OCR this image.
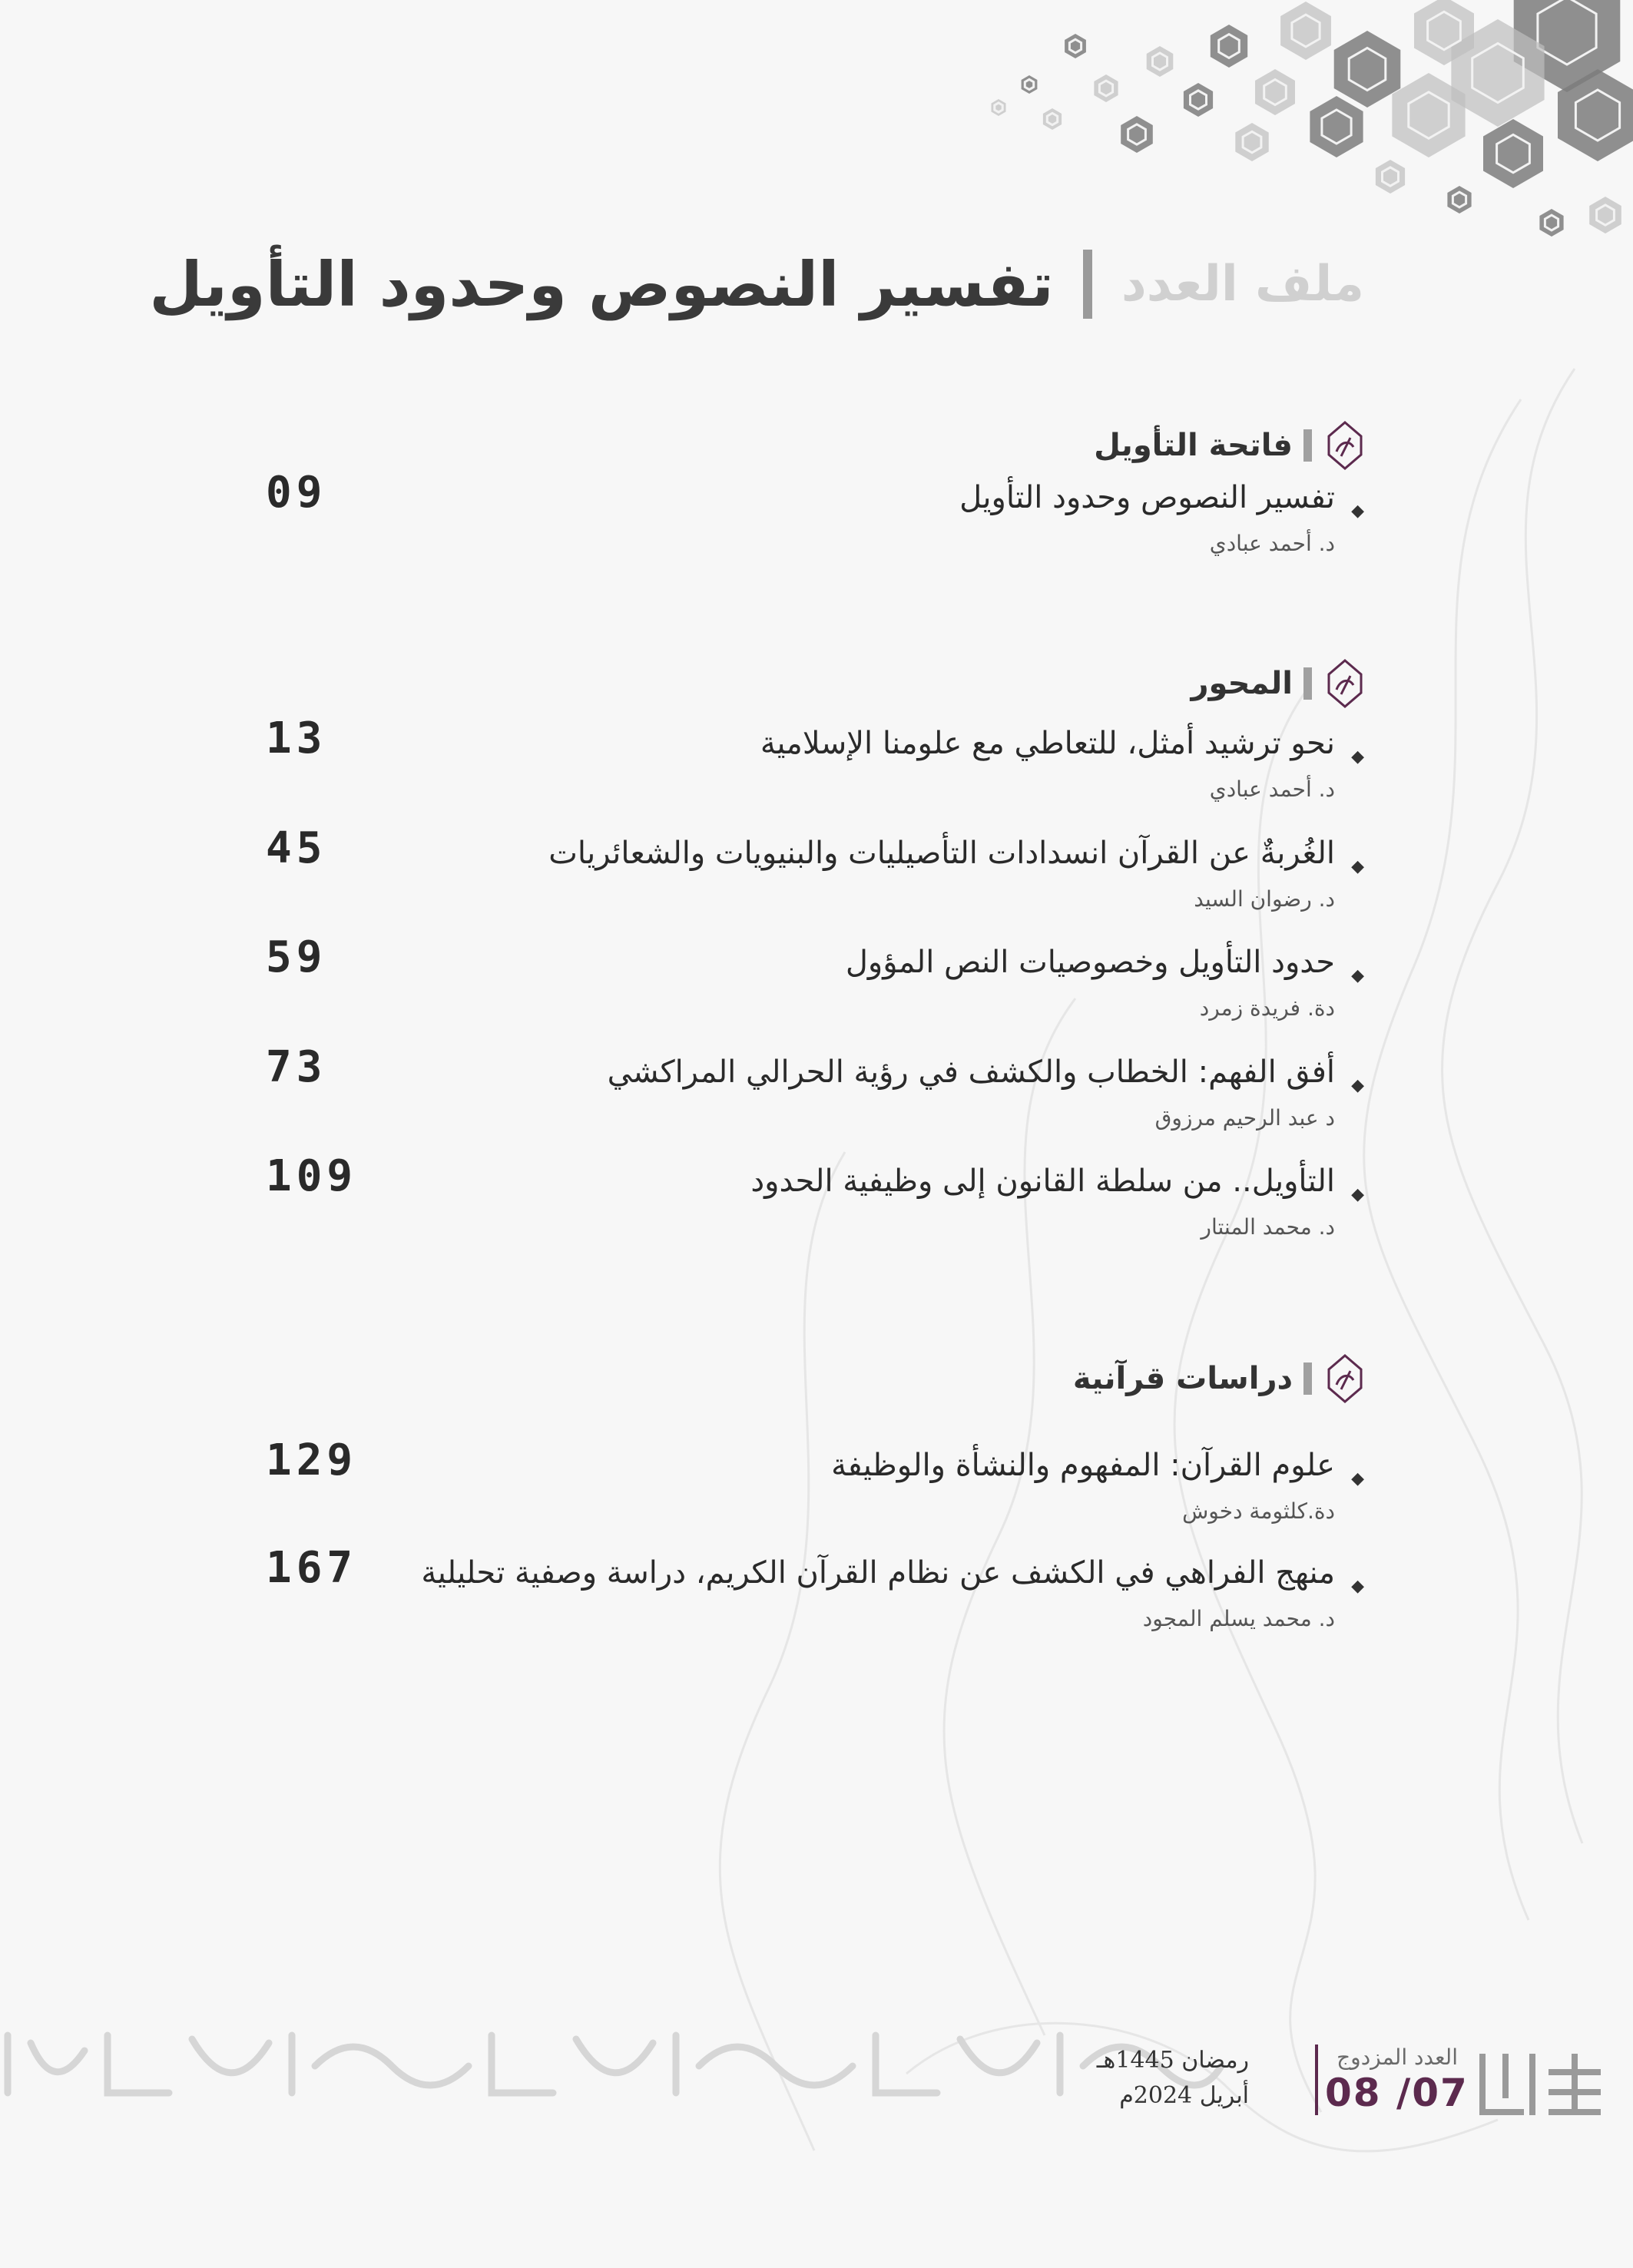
ملف العدد
تفسير النصوص وحدود التأويل
فاتحة التأويل
◆
تفسير النصوص وحدود التأويل
د. أحمد عبادي
09
المحور
◆
نحو ترشيد أمثل، للتعاطي مع علومنا الإسلامية
د. أحمد عبادي
13
◆
الغُربةٌ عن القرآن انسدادات التأصيليات والبنيويات والشعائريات
د. رضوان السيد
45
◆
حدود التأويل وخصوصيات النص المؤول
دة. فريدة زمرد
59
◆
أفق الفهم: الخطاب والكشف في رؤية الحرالي المراكشي
د عبد الرحيم مرزوق
73
◆
التأويل.. من سلطة القانون إلى وظيفية الحدود
د. محمد المنتار
109
دراسات قرآنية
◆
علوم القرآن: المفهوم والنشأة والوظيفة
دة.كلثومة دخوش
129
◆
منهج الفراهي في الكشف عن نظام القرآن الكريم، دراسة وصفية تحليلية
د. محمد يسلم المجود
167
رمضان 1445هـ
أبريل 2024م
العدد المزدوج
08 /07
